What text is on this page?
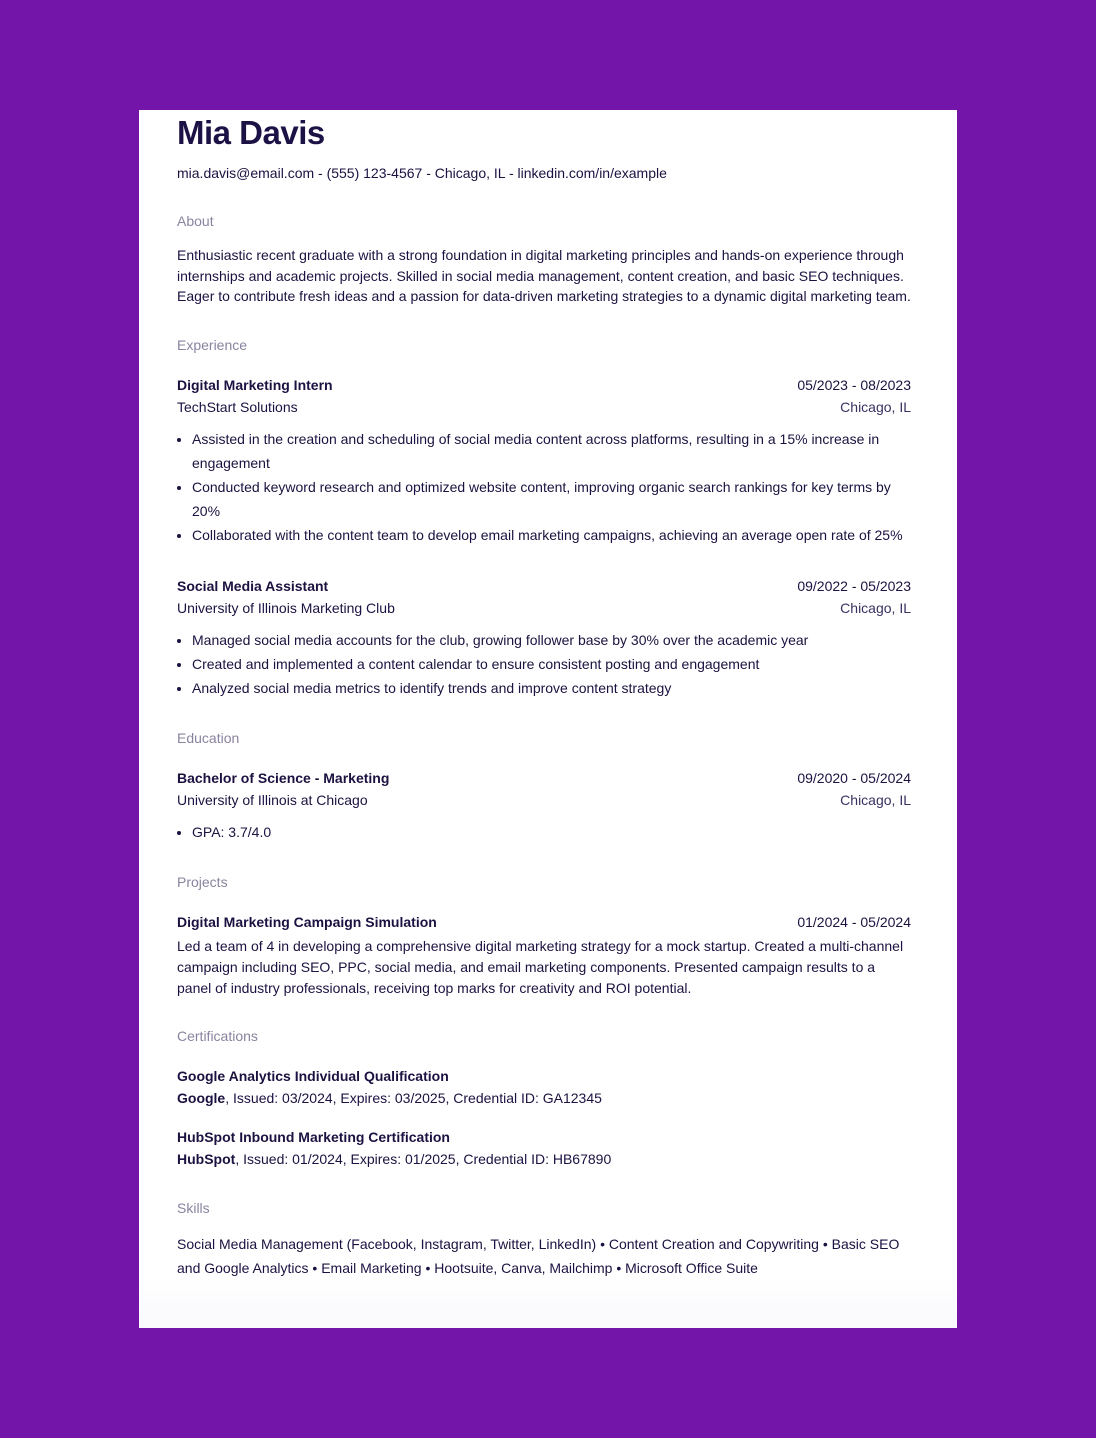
Mia Davis
mia.davis@email.com - (555) 123-4567 - Chicago, IL - linkedin.com/in/example
About
Enthusiastic recent graduate with a strong foundation in digital marketing principles and hands-on experience through internships and academic projects. Skilled in social media management, content creation, and basic SEO techniques. Eager to contribute fresh ideas and a passion for data-driven marketing strategies to a dynamic digital marketing team.
Experience
Digital Marketing Intern	05/2023 - 08/2023
TechStart Solutions	Chicago, IL
• Assisted in the creation and scheduling of social media content across platforms, resulting in a 15% increase in engagement
• Conducted keyword research and optimized website content, improving organic search rankings for key terms by 20%
• Collaborated with the content team to develop email marketing campaigns, achieving an average open rate of 25%
Social Media Assistant	09/2022 - 05/2023
University of Illinois Marketing Club	Chicago, IL
• Managed social media accounts for the club, growing follower base by 30% over the academic year
• Created and implemented a content calendar to ensure consistent posting and engagement
• Analyzed social media metrics to identify trends and improve content strategy
Education
Bachelor of Science - Marketing	09/2020 - 05/2024
University of Illinois at Chicago	Chicago, IL
• GPA: 3.7/4.0
Projects
Digital Marketing Campaign Simulation	01/2024 - 05/2024
Led a team of 4 in developing a comprehensive digital marketing strategy for a mock startup. Created a multi-channel campaign including SEO, PPC, social media, and email marketing components. Presented campaign results to a panel of industry professionals, receiving top marks for creativity and ROI potential.
Certifications
Google Analytics Individual Qualification
Google, Issued: 03/2024, Expires: 03/2025, Credential ID: GA12345
HubSpot Inbound Marketing Certification
HubSpot, Issued: 01/2024, Expires: 01/2025, Credential ID: HB67890
Skills
Social Media Management (Facebook, Instagram, Twitter, LinkedIn) • Content Creation and Copywriting • Basic SEO and Google Analytics • Email Marketing • Hootsuite, Canva, Mailchimp • Microsoft Office Suite
